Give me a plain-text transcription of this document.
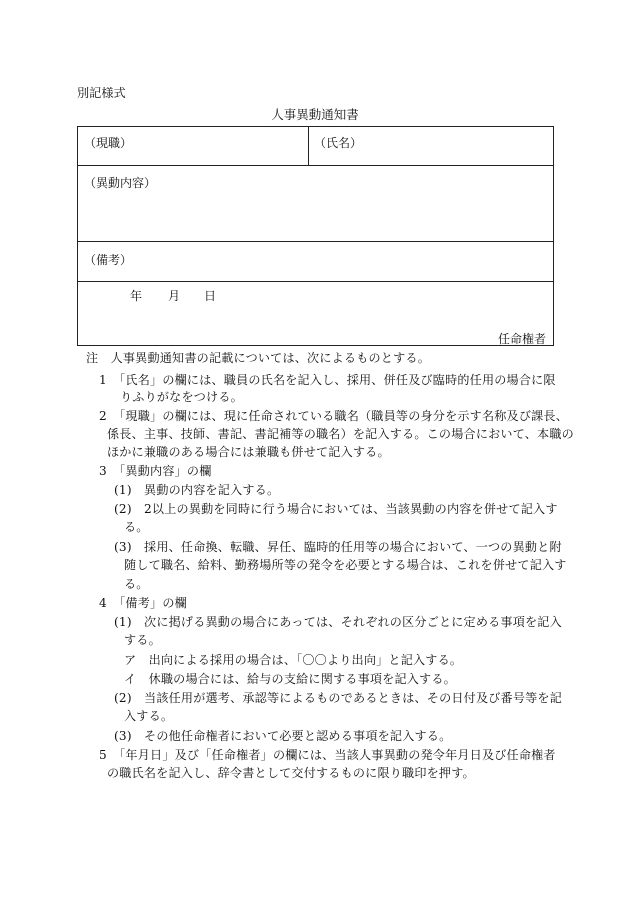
別記様式
人事異動通知書
（現職）	（氏名）
（異動内容）
（備考）
年 月 日
任命権者
注　人事異動通知書の記載については、次によるものとする。
1　「氏名」の欄には、職員の氏名を記入し、採用、併任及び臨時的任用の場合に限
りふりがなをつける。
2　「現職」の欄には、現に任命されている職名（職員等の身分を示す名称及び課長、
係長、主事、技師、書記、書記補等の職名）を記入する。この場合において、本職の
ほかに兼職のある場合には兼職も併せて記入する。
3　「異動内容」の欄
(1)　異動の内容を記入する。
(2)　2以上の異動を同時に行う場合においては、当該異動の内容を併せて記入す
る。
(3)　採用、任命換、転職、昇任、臨時的任用等の場合において、一つの異動と附
随して職名、給料、勤務場所等の発令を必要とする場合は、これを併せて記入す
る。
4　「備考」の欄
(1)　次に掲げる異動の場合にあっては、それぞれの区分ごとに定める事項を記入
する。
ア　出向による採用の場合は、「〇〇より出向」と記入する。
イ　休職の場合には、給与の支給に関する事項を記入する。
(2)　当該任用が選考、承認等によるものであるときは、その日付及び番号等を記
入する。
(3)　その他任命権者において必要と認める事項を記入する。
5　「年月日」及び「任命権者」の欄には、当該人事異動の発令年月日及び任命権者
の職氏名を記入し、辞令書として交付するものに限り職印を押す。
